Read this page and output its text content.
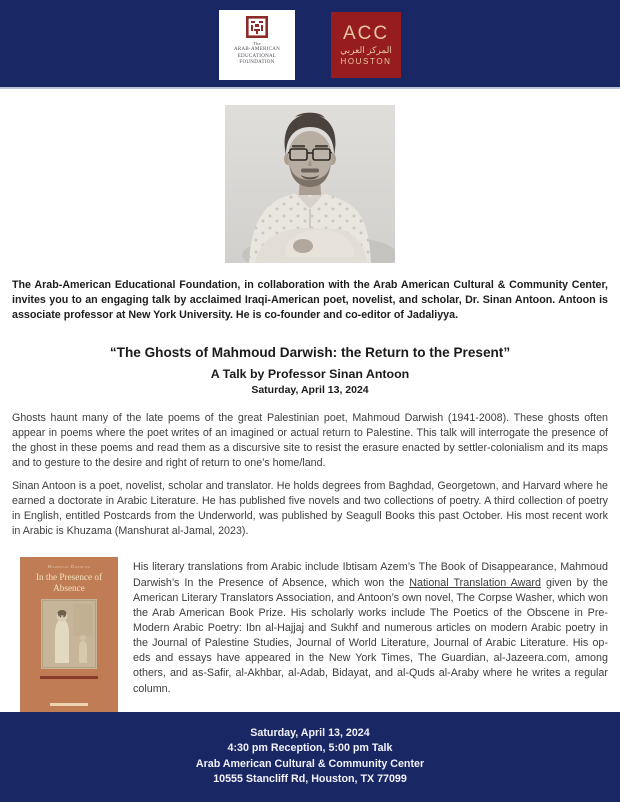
The
ARAB-AMERICAN
EDUCATIONAL
FOUNDATION
ACC
المركز العربي
HOUSTON

The Arab-American Educational Foundation, in collaboration with the Arab American Cultural & Community Center, invites you to an engaging talk by acclaimed Iraqi-American poet, novelist, and scholar, Dr. Sinan Antoon. Antoon is associate professor at New York University. He is co-founder and co-editor of Jadaliyya.

“The Ghosts of Mahmoud Darwish: the Return to the Present”
A Talk by Professor Sinan Antoon
Saturday, April 13, 2024

Ghosts haunt many of the late poems of the great Palestinian poet, Mahmoud Darwish (1941-2008). These ghosts often appear in poems where the poet writes of an imagined or actual return to Palestine. This talk will interrogate the presence of the ghost in these poems and read them as a discursive site to resist the erasure enacted by settler-colonialism and its maps and to gesture to the desire and right of return to one’s home/land.

Sinan Antoon is a poet, novelist, scholar and translator. He holds degrees from Baghdad, Georgetown, and Harvard where he earned a doctorate in Arabic Literature. He has published five novels and two collections of poetry. A third collection of poetry in English, entitled Postcards from the Underworld, was published by Seagull Books this past October. His most recent work in Arabic is Khuzama (Manshurat al-Jamal, 2023).

Mahmoud Darwish
In the Presence of Absence

His literary translations from Arabic include Ibtisam Azem’s The Book of Disappearance, Mahmoud Darwish’s In the Presence of Absence, which won the National Translation Award given by the American Literary Translators Association, and Antoon’s own novel, The Corpse Washer, which won the Arab American Book Prize. His scholarly works include The Poetics of the Obscene in Pre-Modern Arabic Poetry: Ibn al-Hajjaj and Sukhf and numerous articles on modern Arabic poetry in the Journal of Palestine Studies, Journal of World Literature, Journal of Arabic Literature. His op-eds and essays have appeared in the New York Times, The Guardian, al-Jazeera.com, among others, and as-Safir, al-Akhbar, al-Adab, Bidayat, and al-Quds al-Araby where he writes a regular column.

Saturday, April 13, 2024
4:30 pm Reception, 5:00 pm Talk
Arab American Cultural & Community Center
10555 Stancliff Rd, Houston, TX 77099
